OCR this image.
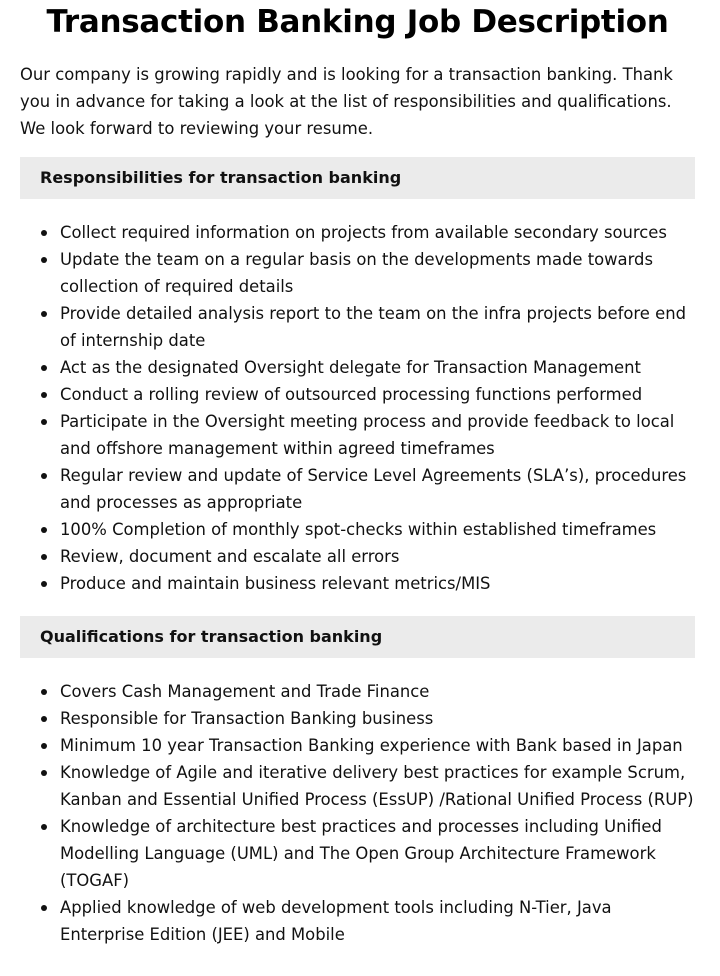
Transaction Banking Job Description

Our company is growing rapidly and is looking for a transaction banking. Thank you in advance for taking a look at the list of responsibilities and qualifications. We look forward to reviewing your resume.

Responsibilities for transaction banking
Collect required information on projects from available secondary sources
Update the team on a regular basis on the developments made towards collection of required details
Provide detailed analysis report to the team on the infra projects before end of internship date
Act as the designated Oversight delegate for Transaction Management
Conduct a rolling review of outsourced processing functions performed
Participate in the Oversight meeting process and provide feedback to local and offshore management within agreed timeframes
Regular review and update of Service Level Agreements (SLA’s), procedures and processes as appropriate
100% Completion of monthly spot-checks within established timeframes
Review, document and escalate all errors
Produce and maintain business relevant metrics/MIS
Qualifications for transaction banking
Covers Cash Management and Trade Finance
Responsible for Transaction Banking business
Minimum 10 year Transaction Banking experience with Bank based in Japan
Knowledge of Agile and iterative delivery best practices for example Scrum, Kanban and Essential Unified Process (EssUP) /Rational Unified Process (RUP)
Knowledge of architecture best practices and processes including Unified Modelling Language (UML) and The Open Group Architecture Framework (TOGAF)
Applied knowledge of web development tools including N-Tier, Java Enterprise Edition (JEE) and Mobile
